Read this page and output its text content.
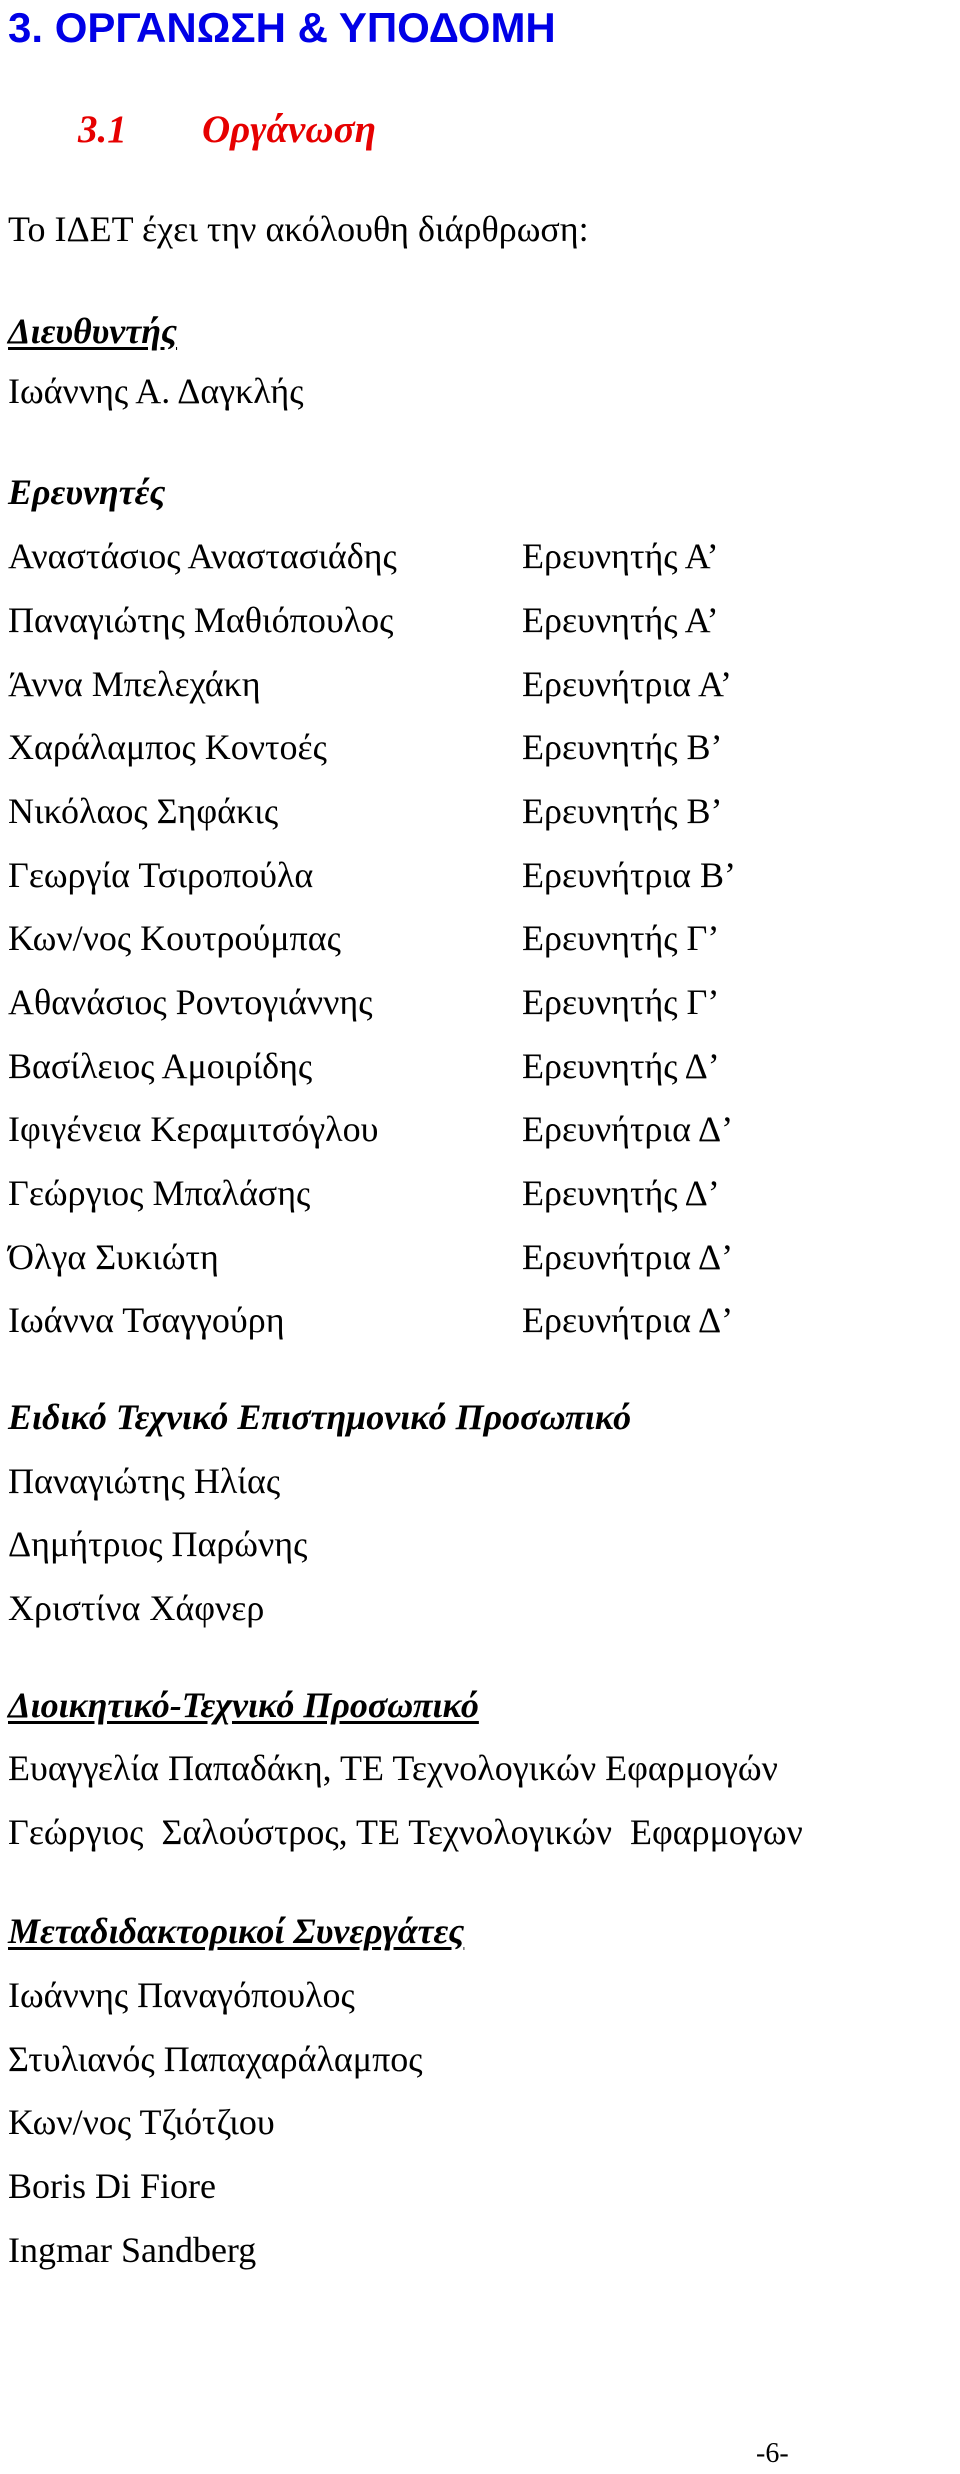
3. ΟΡΓΑΝΩΣΗ & ΥΠΟΔΟΜΗ
3.1 Οργάνωση

Το ΙΔΕΤ έχει την ακόλουθη διάρθρωση:

Διευθυντής

Ιωάννης Α. Δαγκλής

Ερευνητές

Αναστάσιος Αναστασιάδης	Ερευνητής Α’
Παναγιώτης Μαθιόπουλος	Ερευνητής Α’
Άννα Μπελεχάκη	Ερευνήτρια Α’
Χαράλαμπος Κοντοές	Ερευνητής Β’
Νικόλαος Σηφάκις	Ερευνητής Β’
Γεωργία Τσιροπούλα	Ερευνήτρια Β’
Κων/νος Κουτρούμπας	Ερευνητής Γ’
Αθανάσιος Ροντογιάννης	Ερευνητής Γ’
Βασίλειος Αμοιρίδης	Ερευνητής Δ’
Ιφιγένεια Κεραμιτσόγλου	Ερευνήτρια Δ’
Γεώργιος Μπαλάσης	Ερευνητής Δ’
Όλγα Συκιώτη	Ερευνήτρια Δ’
Ιωάννα Τσαγγούρη	Ερευνήτρια Δ’

Ειδικό Τεχνικό Επιστημονικό Προσωπικό

Παναγιώτης Ηλίας

Δημήτριος Παρώνης

Χριστίνα Χάφνερ

Διοικητικό-Τεχνικό Προσωπικό

Ευαγγελία Παπαδάκη, ΤΕ Τεχνολογικών Εφαρμογών

Γεώργιος  Σαλούστρος, ΤΕ Τεχνολογικών  Εφαρμογων

Μεταδιδακτορικοί Συνεργάτες

Ιωάννης Παναγόπουλος

Στυλιανός Παπαχαράλαμπος

Κων/νος Τζιότζιου

Boris Di Fiore

Ingmar Sandberg

-6-
